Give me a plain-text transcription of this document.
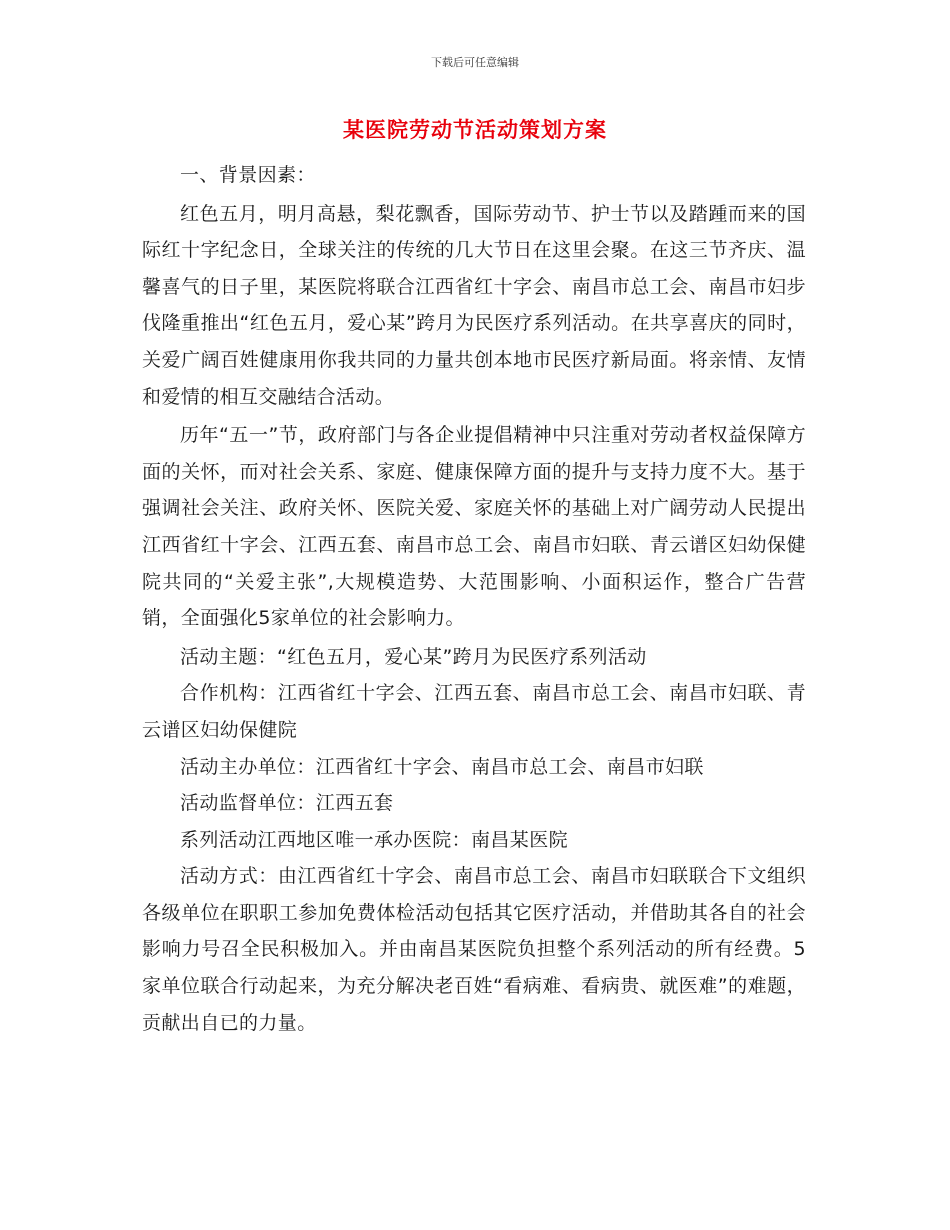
下载后可任意编辑
某医院劳动节活动策划方案

一、背景因素：

红色五月，明月高悬，梨花飘香，国际劳动节、护士节以及踏踵而来的国际红十字纪念日，全球关注的传统的几大节日在这里会聚。在这三节齐庆、温馨喜气的日子里，某医院将联合江西省红十字会、南昌市总工会、南昌市妇步伐隆重推出“红色五月，爱心某”跨月为民医疗系列活动。在共享喜庆的同时，关爱广阔百姓健康用你我共同的力量共创本地市民医疗新局面。将亲情、友情和爱情的相互交融结合活动。

历年“五一”节，政府部门与各企业提倡精神中只注重对劳动者权益保障方面的关怀，而对社会关系、家庭、健康保障方面的提升与支持力度不大。基于强调社会关注、政府关怀、医院关爱、家庭关怀的基础上对广阔劳动人民提出江西省红十字会、江西五套、南昌市总工会、南昌市妇联、青云谱区妇幼保健院共同的“关爱主张”,大规模造势、大范围影响、小面积运作，整合广告营销，全面强化5家单位的社会影响力。

活动主题：“红色五月，爱心某”跨月为民医疗系列活动

合作机构：江西省红十字会、江西五套、南昌市总工会、南昌市妇联、青云谱区妇幼保健院

活动主办单位：江西省红十字会、南昌市总工会、南昌市妇联

活动监督单位：江西五套

系列活动江西地区唯一承办医院：南昌某医院

活动方式：由江西省红十字会、南昌市总工会、南昌市妇联联合下文组织各级单位在职职工参加免费体检活动包括其它医疗活动，并借助其各自的社会影响力号召全民积极加入。并由南昌某医院负担整个系列活动的所有经费。5家单位联合行动起来，为充分解决老百姓“看病难、看病贵、就医难”的难题，贡献出自已的力量。
